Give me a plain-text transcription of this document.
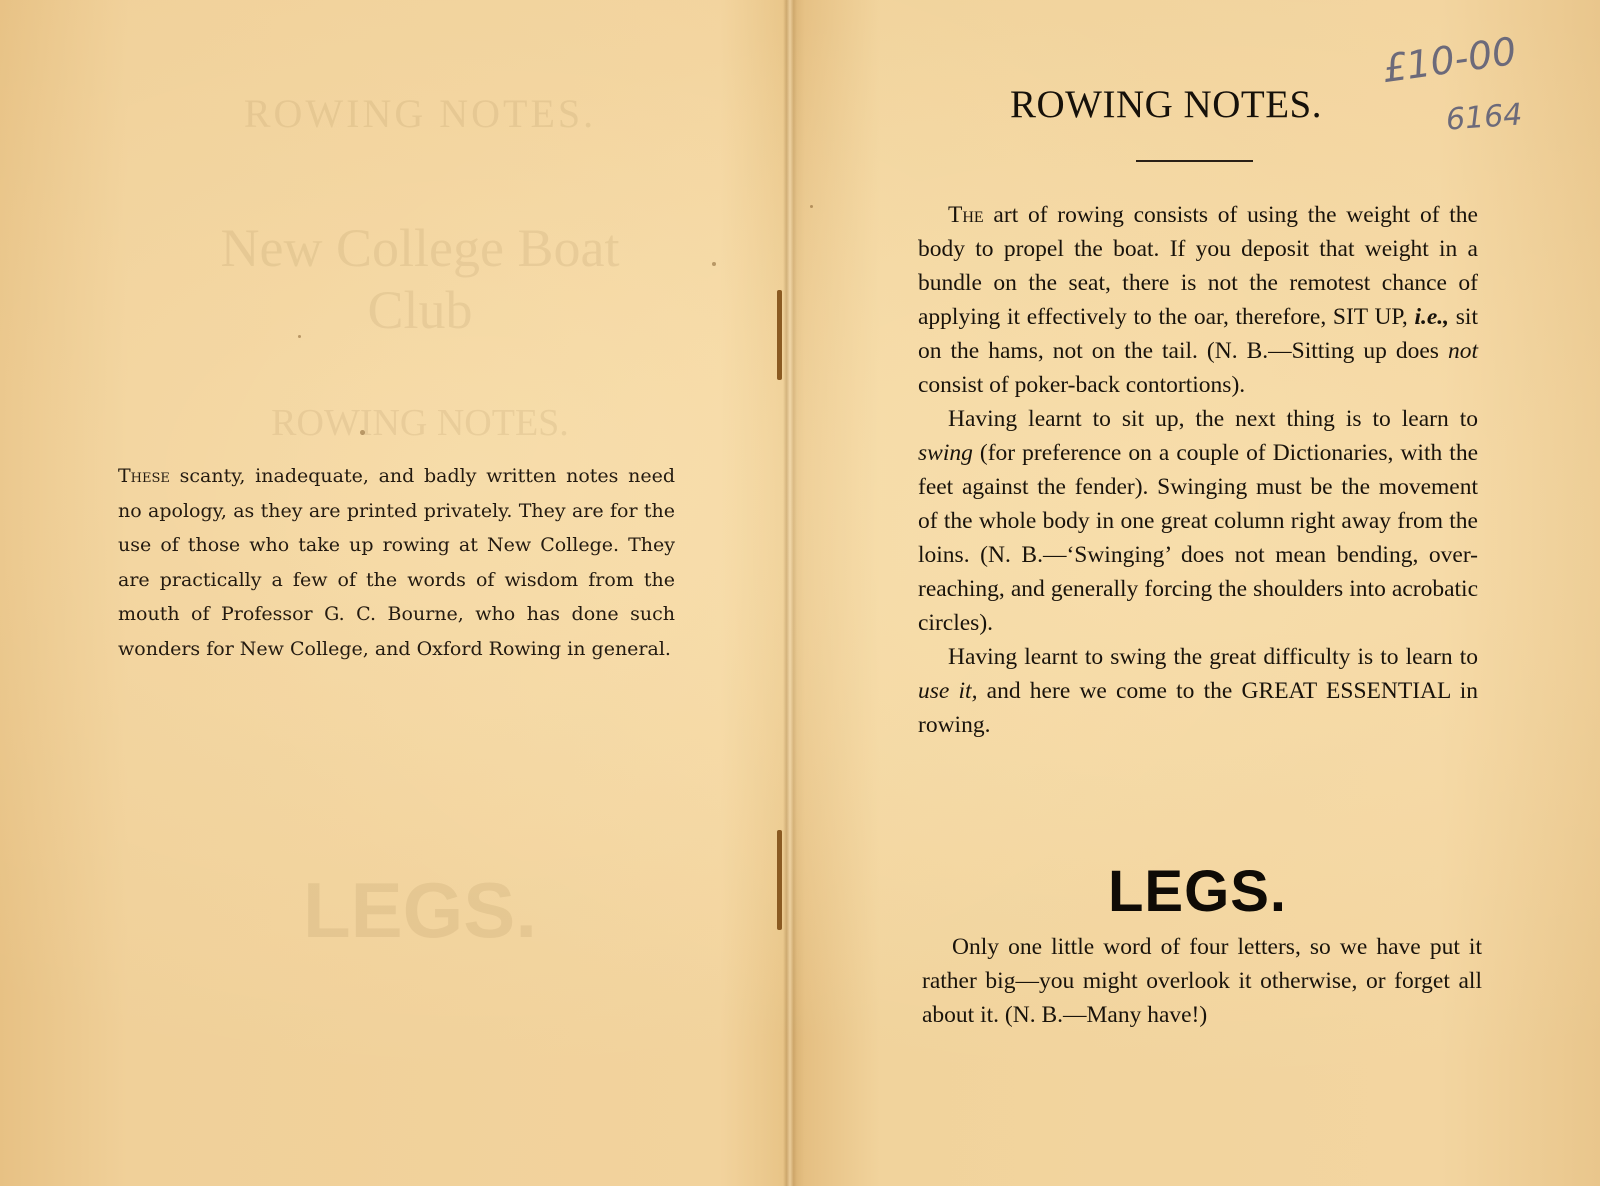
ROWING NOTES.
New College Boat Club
ROWING NOTES.
LEGS.
These scanty, inadequate, and badly written notes need no apology, as they are printed privately. They are for the use of those who take up rowing at New College. They are practically a few of the words of wisdom from the mouth of Professor G. C. Bourne, who has done such wonders for New College, and Oxford Rowing in general.
£10-00
6164
ROWING NOTES.

The art of rowing consists of using the weight of the body to propel the boat. If you deposit that weight in a bundle on the seat, there is not the remotest chance of applying it effectively to the oar, therefore, SIT UP, i.e., sit on the hams, not on the tail. (N. B.—Sitting up does not consist of poker-back contortions).

Having learnt to sit up, the next thing is to learn to swing (for preference on a couple of Dictionaries, with the feet against the fender). Swinging must be the movement of the whole body in one great column right away from the loins. (N. B.—‘Swinging’ does not mean bending, over-reaching, and generally forcing the shoulders into acrobatic circles).

Having learnt to swing the great difficulty is to learn to use it, and here we come to the GREAT ESSENTIAL in rowing.

LEGS.

Only one little word of four letters, so we have put it rather big—you might overlook it otherwise, or forget all about it. (N. B.—Many have!)
